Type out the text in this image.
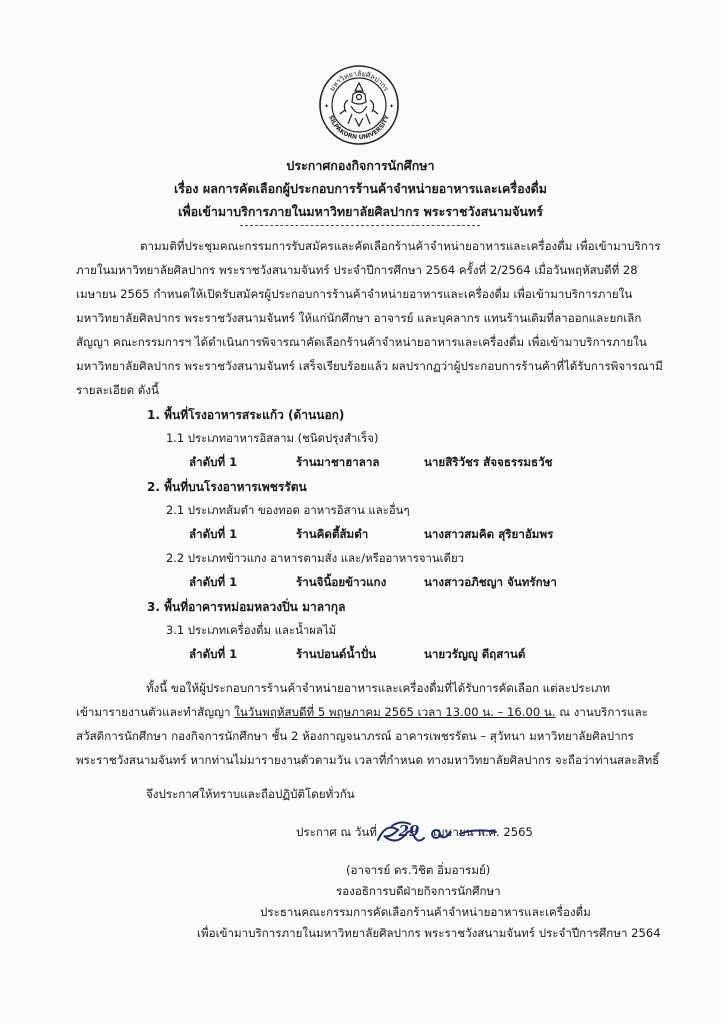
มหาวิทยาลัยศิลปากร
SILPAKORN UNIVERSITY
✦	✦
ประกาศกองกิจการนักศึกษา
เรื่อง ผลการคัดเลือกผู้ประกอบการร้านค้าจำหน่ายอาหารและเครื่องดื่ม
เพื่อเข้ามาบริการภายในมหาวิทยาลัยศิลปากร พระราชวังสนามจันทร์
ตามมติที่ประชุมคณะกรรมการรับสมัครและคัดเลือกร้านค้าจำหน่ายอาหารและเครื่องดื่ม เพื่อเข้ามาบริการ
ภายในมหาวิทยาลัยศิลปากร พระราชวังสนามจันทร์ ประจำปีการศึกษา 2564 ครั้งที่ 2/2564 เมื่อวันพฤหัสบดีที่ 28
เมษายน 2565 กำหนดให้เปิดรับสมัครผู้ประกอบการร้านค้าจำหน่ายอาหารและเครื่องดื่ม เพื่อเข้ามาบริการภายใน
มหาวิทยาลัยศิลปากร พระราชวังสนามจันทร์ ให้แก่นักศึกษา อาจารย์ และบุคลากร แทนร้านเดิมที่ลาออกและยกเลิก
สัญญา คณะกรรมการฯ ได้ดำเนินการพิจารณาคัดเลือกร้านค้าจำหน่ายอาหารและเครื่องดื่ม เพื่อเข้ามาบริการภายใน
มหาวิทยาลัยศิลปากร พระราชวังสนามจันทร์ เสร็จเรียบร้อยแล้ว ผลปรากฏว่าผู้ประกอบการร้านค้าที่ได้รับการพิจารณามี
รายละเอียด ดังนี้
1. พื้นที่โรงอาหารสระแก้ว (ด้านนอก)
1.1 ประเภทอาหารอิสลาม (ชนิดปรุงสำเร็จ)
ลำดับที่ 1	ร้านมาชาฮาลาล	นายสิริวัชร สัจจธรรมธวัช
2. พื้นที่บนโรงอาหารเพชรรัตน
2.1 ประเภทส้มตำ ของทอด อาหารอิสาน และอื่นๆ
ลำดับที่ 1	ร้านคิดตี้ส้มตำ	นางสาวสมคิด สุริยาอัมพร
2.2 ประเภทข้าวแกง อาหารตามสั่ง และ/หรืออาหารจานเดียว
ลำดับที่ 1	ร้านจินิ้อยข้าวแกง	นางสาวอภิชญา จันทรักษา
3. พื้นที่อาคารหม่อมหลวงปิ่น มาลากุล
3.1 ประเภทเครื่องดื่ม และน้ำผลไม้
ลำดับที่ 1	ร้านปอนด์น้ำปั่น	นายวรัญญู ดีฤสานต์
ทั้งนี้ ขอให้ผู้ประกอบการร้านค้าจำหน่ายอาหารและเครื่องดื่มที่ได้รับการคัดเลือก แต่ละประเภท
เข้ามารายงานตัวและทำสัญญา ในวันพฤหัสบดีที่ 5 พฤษภาคม 2565 เวลา 13.00 น. – 16.00 น. ณ งานบริการและ
สวัสดิการนักศึกษา กองกิจการนักศึกษา ชั้น 2 ห้องกาญจนาภรณ์ อาคารเพชรรัตน – สุวัทนา มหาวิทยาลัยศิลปากร
พระราชวังสนามจันทร์ หากท่านไม่มารายงานตัวตามวัน เวลาที่กำหนด ทางมหาวิทยาลัยศิลปากร จะถือว่าท่านสละสิทธิ์
จึงประกาศให้ทราบและถือปฏิบัติโดยทั่วกัน
ประกาศ ณ วันที่ 29 เมษายน พ.ศ. 2565
(อาจารย์ ดร.วิชิต อิ่มอารมย์)
รองอธิการบดีฝ่ายกิจการนักศึกษา
ประธานคณะกรรมการคัดเลือกร้านค้าจำหน่ายอาหารและเครื่องดื่ม
เพื่อเข้ามาบริการภายในมหาวิทยาลัยศิลปากร พระราชวังสนามจันทร์ ประจำปีการศึกษา 2564
